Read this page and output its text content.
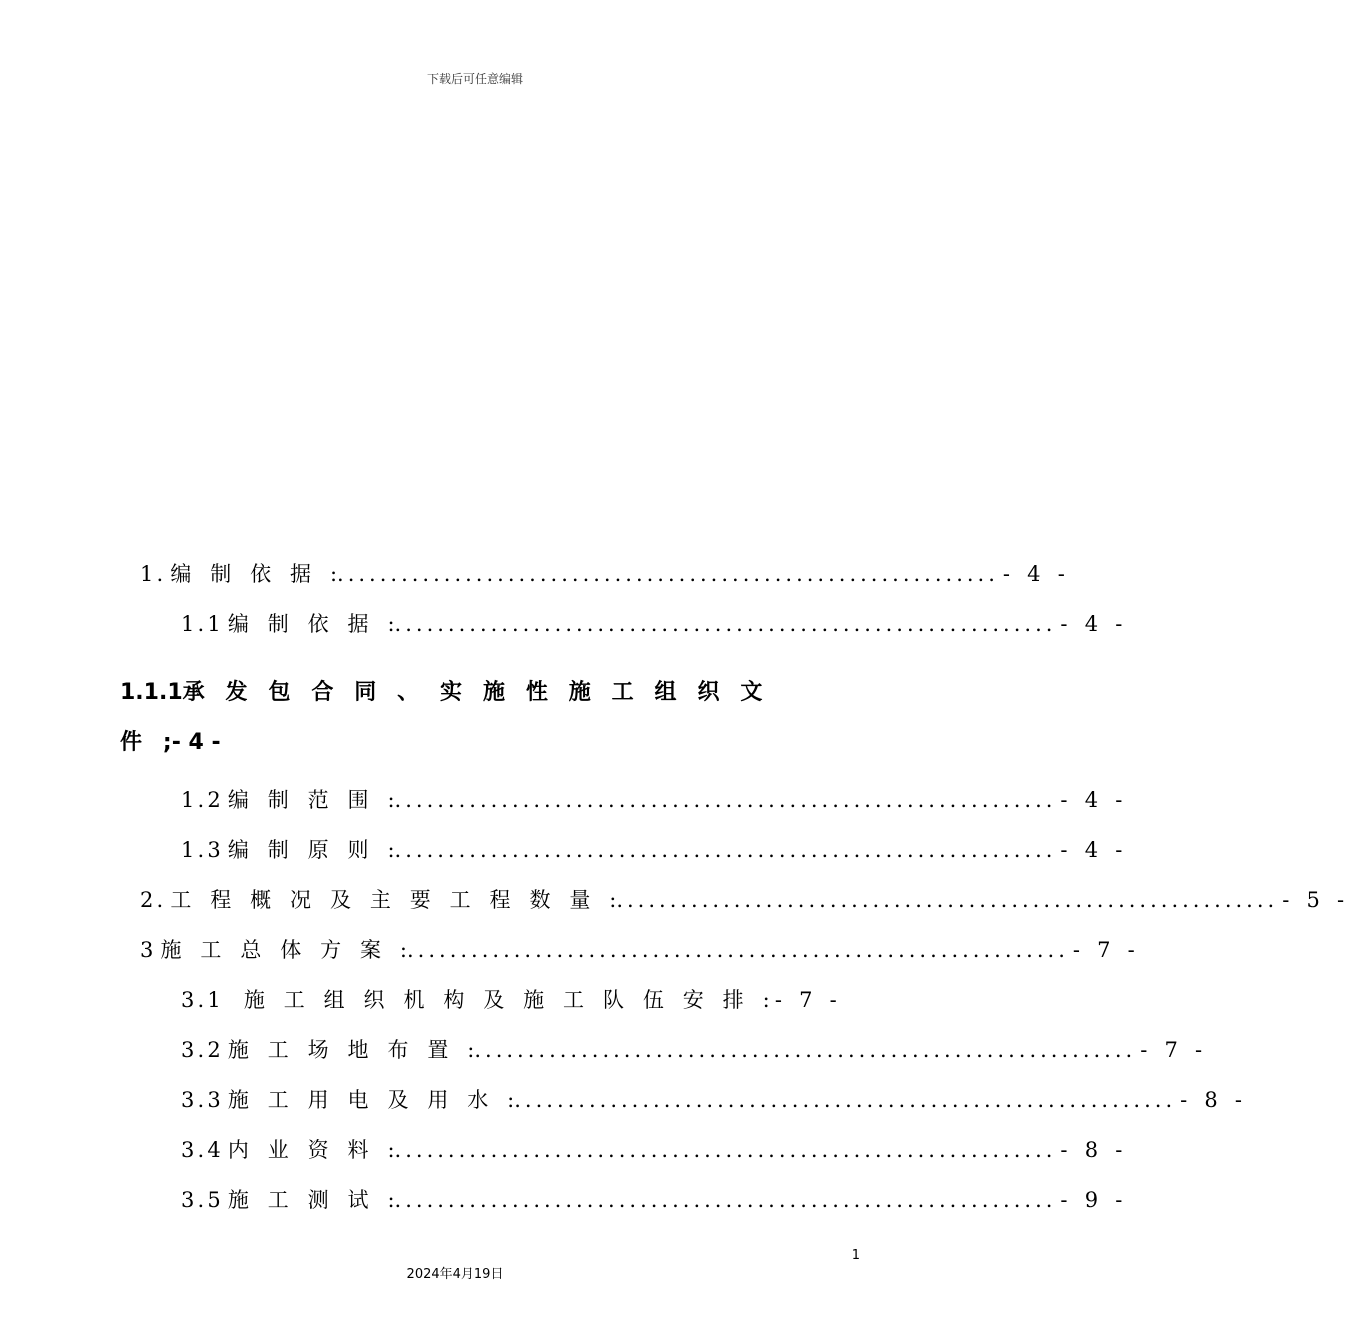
下载后可任意编辑
1. 编制依据 : .............................................................. - 4 -
1.1 编制依据 : .............................................................. - 4 -
1.1.1承发包合同、实施性施工组织文件;- 4 -
1.2 编制范围 : .............................................................. - 4 -
1.3 编制原则 : .............................................................. - 4 -
2. 工程概况及主要工程数量 : .............................................................. - 5 -
3 施工总体方案 : .............................................................. - 7 -
3.1 施工组织机构及施工队伍安排 : - 7 -
3.2 施工场地布置 : .............................................................. - 7 -
3.3 施工用电及用水 : .............................................................. - 8 -
3.4 内业资料 : .............................................................. - 8 -
3.5 施工测试 : .............................................................. - 9 -
1
2024年4月19日
